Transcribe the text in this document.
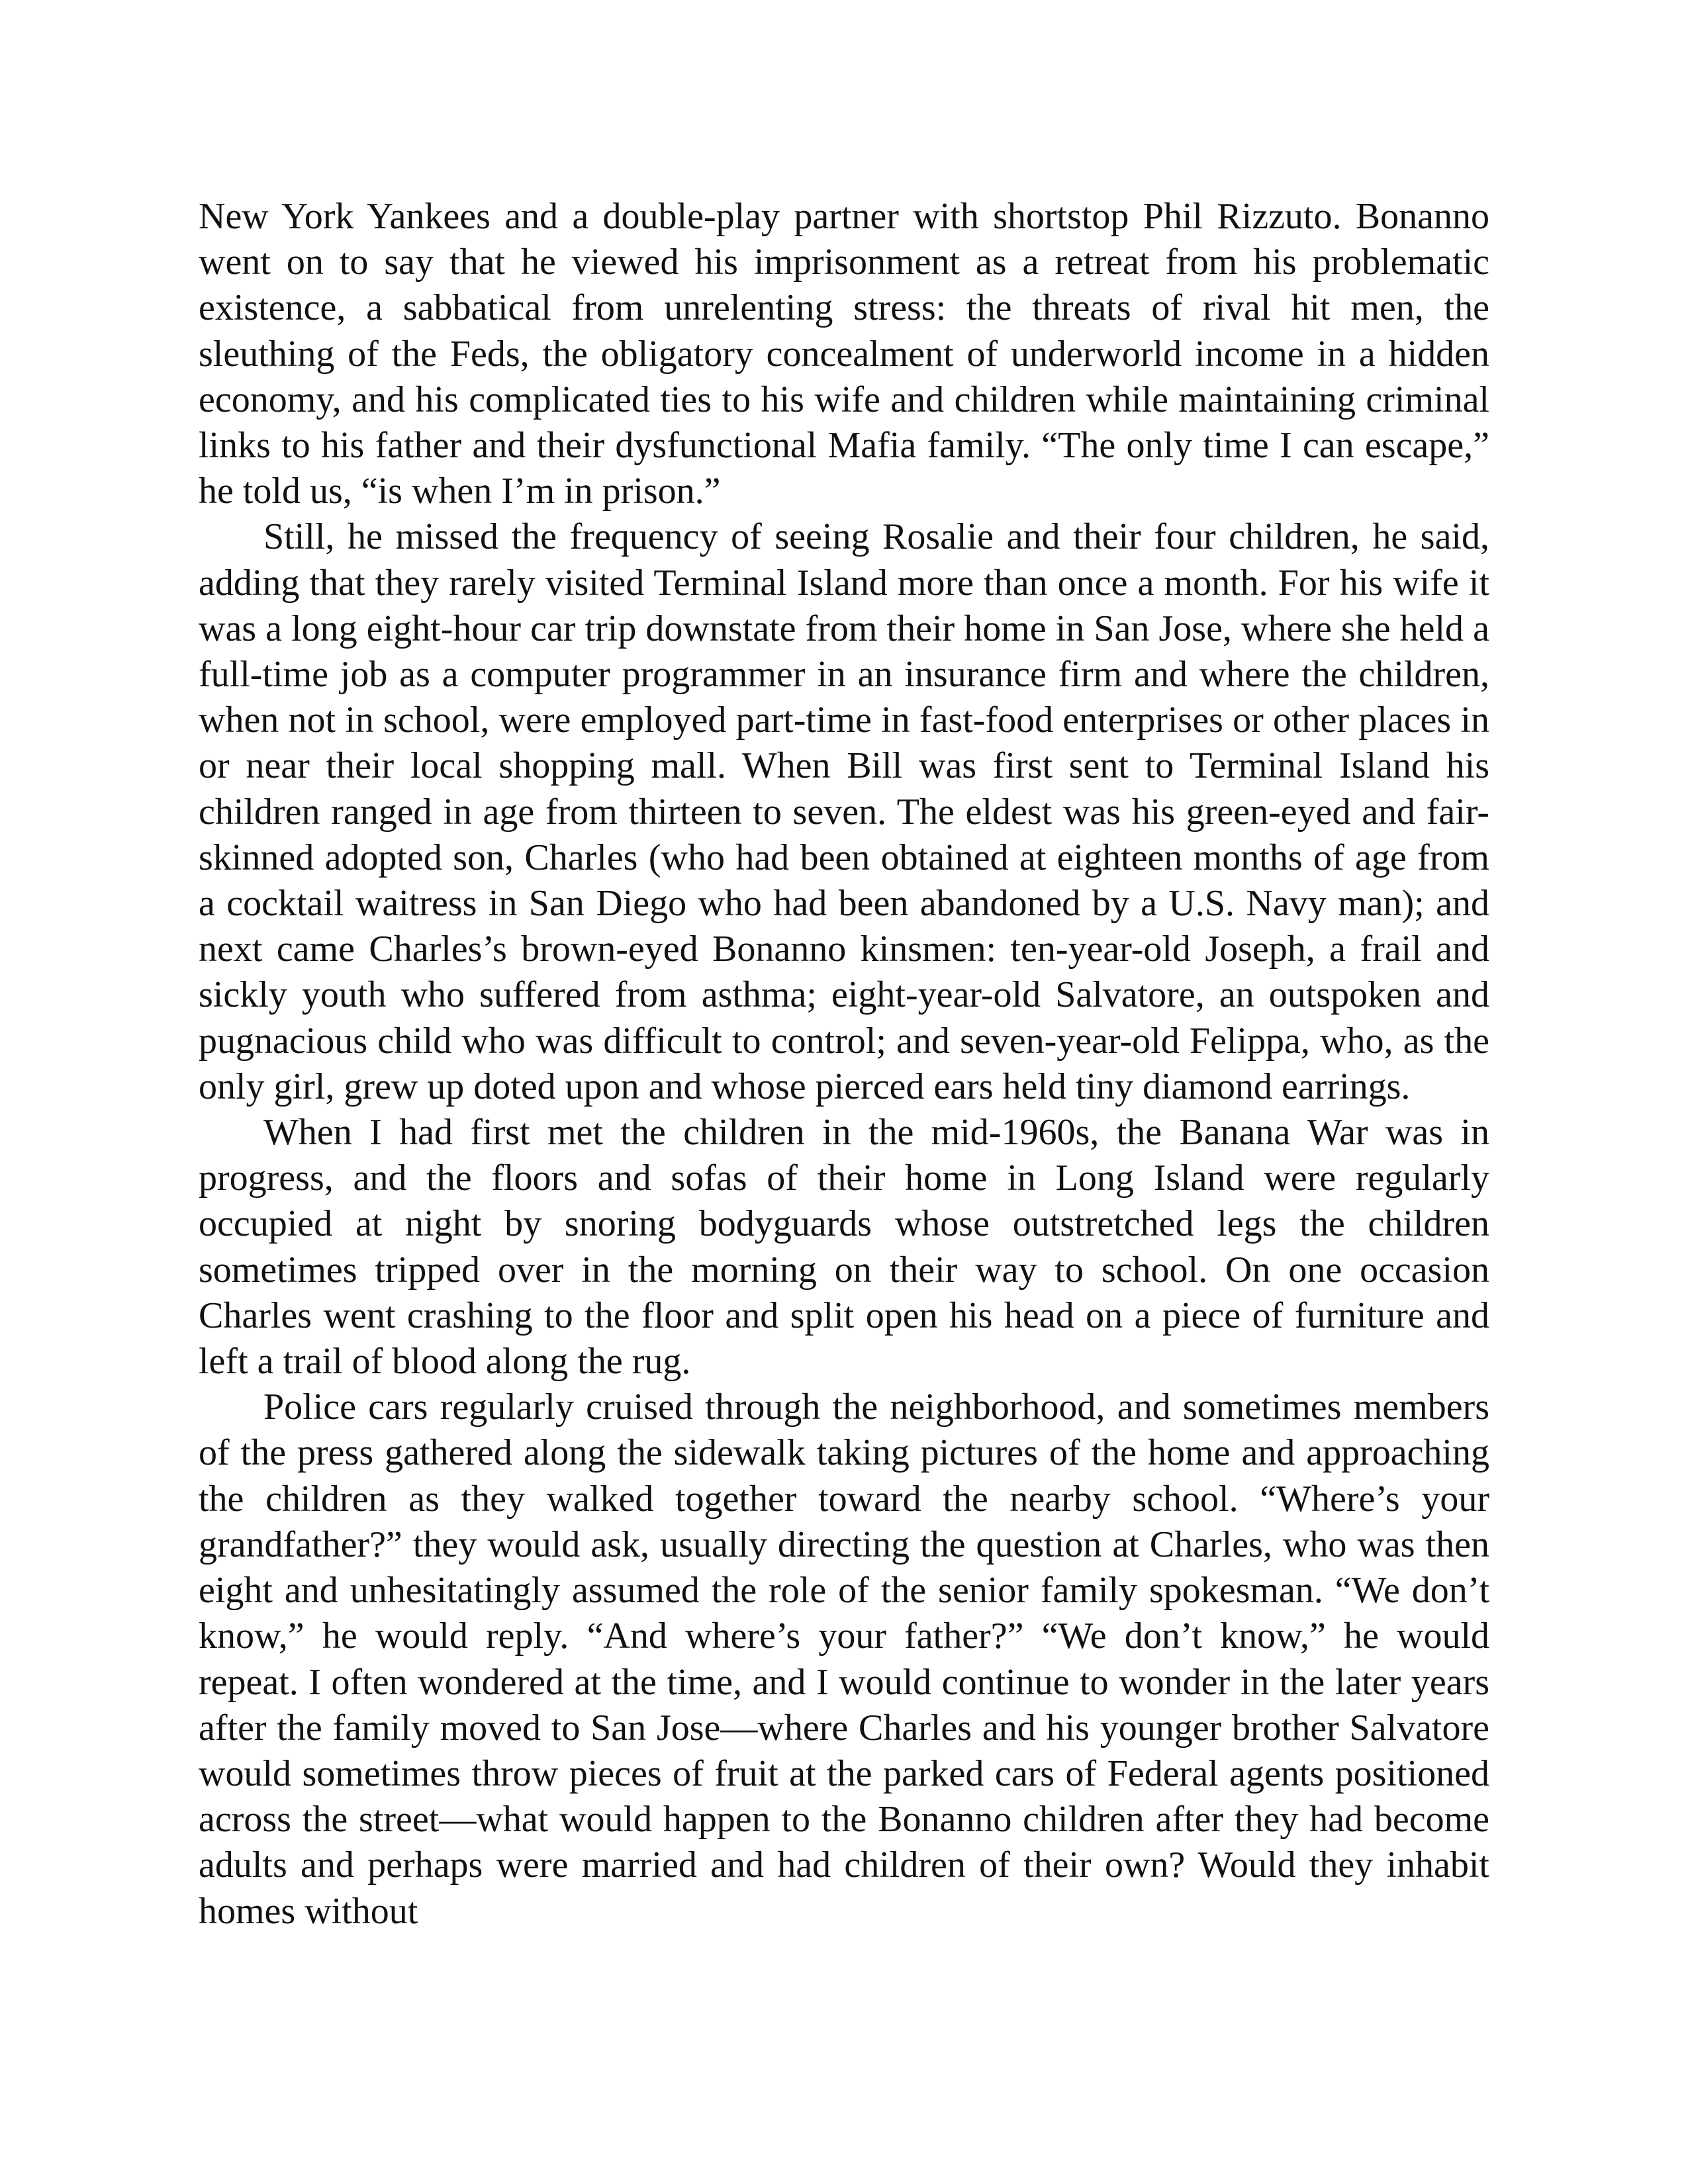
New York Yankees and a double-play partner with shortstop Phil Rizzuto. Bonanno went on to say that he viewed his imprisonment as a retreat from his problematic existence, a sabbatical from unrelenting stress: the threats of rival hit men, the sleuthing of the Feds, the obligatory concealment of underworld income in a hidden economy, and his complicated ties to his wife and children while maintaining criminal links to his father and their dysfunctional Mafia family. “The only time I can escape,” he told us, “is when I’m in prison.”

Still, he missed the frequency of seeing Rosalie and their four children, he said, adding that they rarely visited Terminal Island more than once a month. For his wife it was a long eight-hour car trip downstate from their home in San Jose, where she held a full-time job as a computer programmer in an insurance firm and where the children, when not in school, were employed part-time in fast-food enterprises or other places in or near their local shopping mall. When Bill was first sent to Terminal Island his children ranged in age from thirteen to seven. The eldest was his green-eyed and fair-skinned adopted son, Charles (who had been obtained at eighteen months of age from a cocktail waitress in San Diego who had been abandoned by a U.S. Navy man); and next came Charles’s brown-eyed Bonanno kinsmen: ten-year-old Joseph, a frail and sickly youth who suffered from asthma; eight-year-old Salvatore, an outspoken and pugnacious child who was difficult to control; and seven-year-old Felippa, who, as the only girl, grew up doted upon and whose pierced ears held tiny diamond earrings.

When I had first met the children in the mid-1960s, the Banana War was in progress, and the floors and sofas of their home in Long Island were regularly occupied at night by snoring bodyguards whose outstretched legs the children sometimes tripped over in the morning on their way to school. On one occasion Charles went crashing to the floor and split open his head on a piece of furniture and left a trail of blood along the rug.

Police cars regularly cruised through the neighborhood, and sometimes members of the press gathered along the sidewalk taking pictures of the home and approaching the children as they walked together toward the nearby school. “Where’s your grandfather?” they would ask, usually directing the question at Charles, who was then eight and unhesitatingly assumed the role of the senior family spokesman. “We don’t know,” he would reply. “And where’s your father?” “We don’t know,” he would repeat. I often wondered at the time, and I would continue to wonder in the later years after the family moved to San Jose—where Charles and his younger brother Salvatore would sometimes throw pieces of fruit at the parked cars of Federal agents positioned across the street—what would happen to the Bonanno children after they had become adults and perhaps were married and had children of their own? Would they inhabit homes without
